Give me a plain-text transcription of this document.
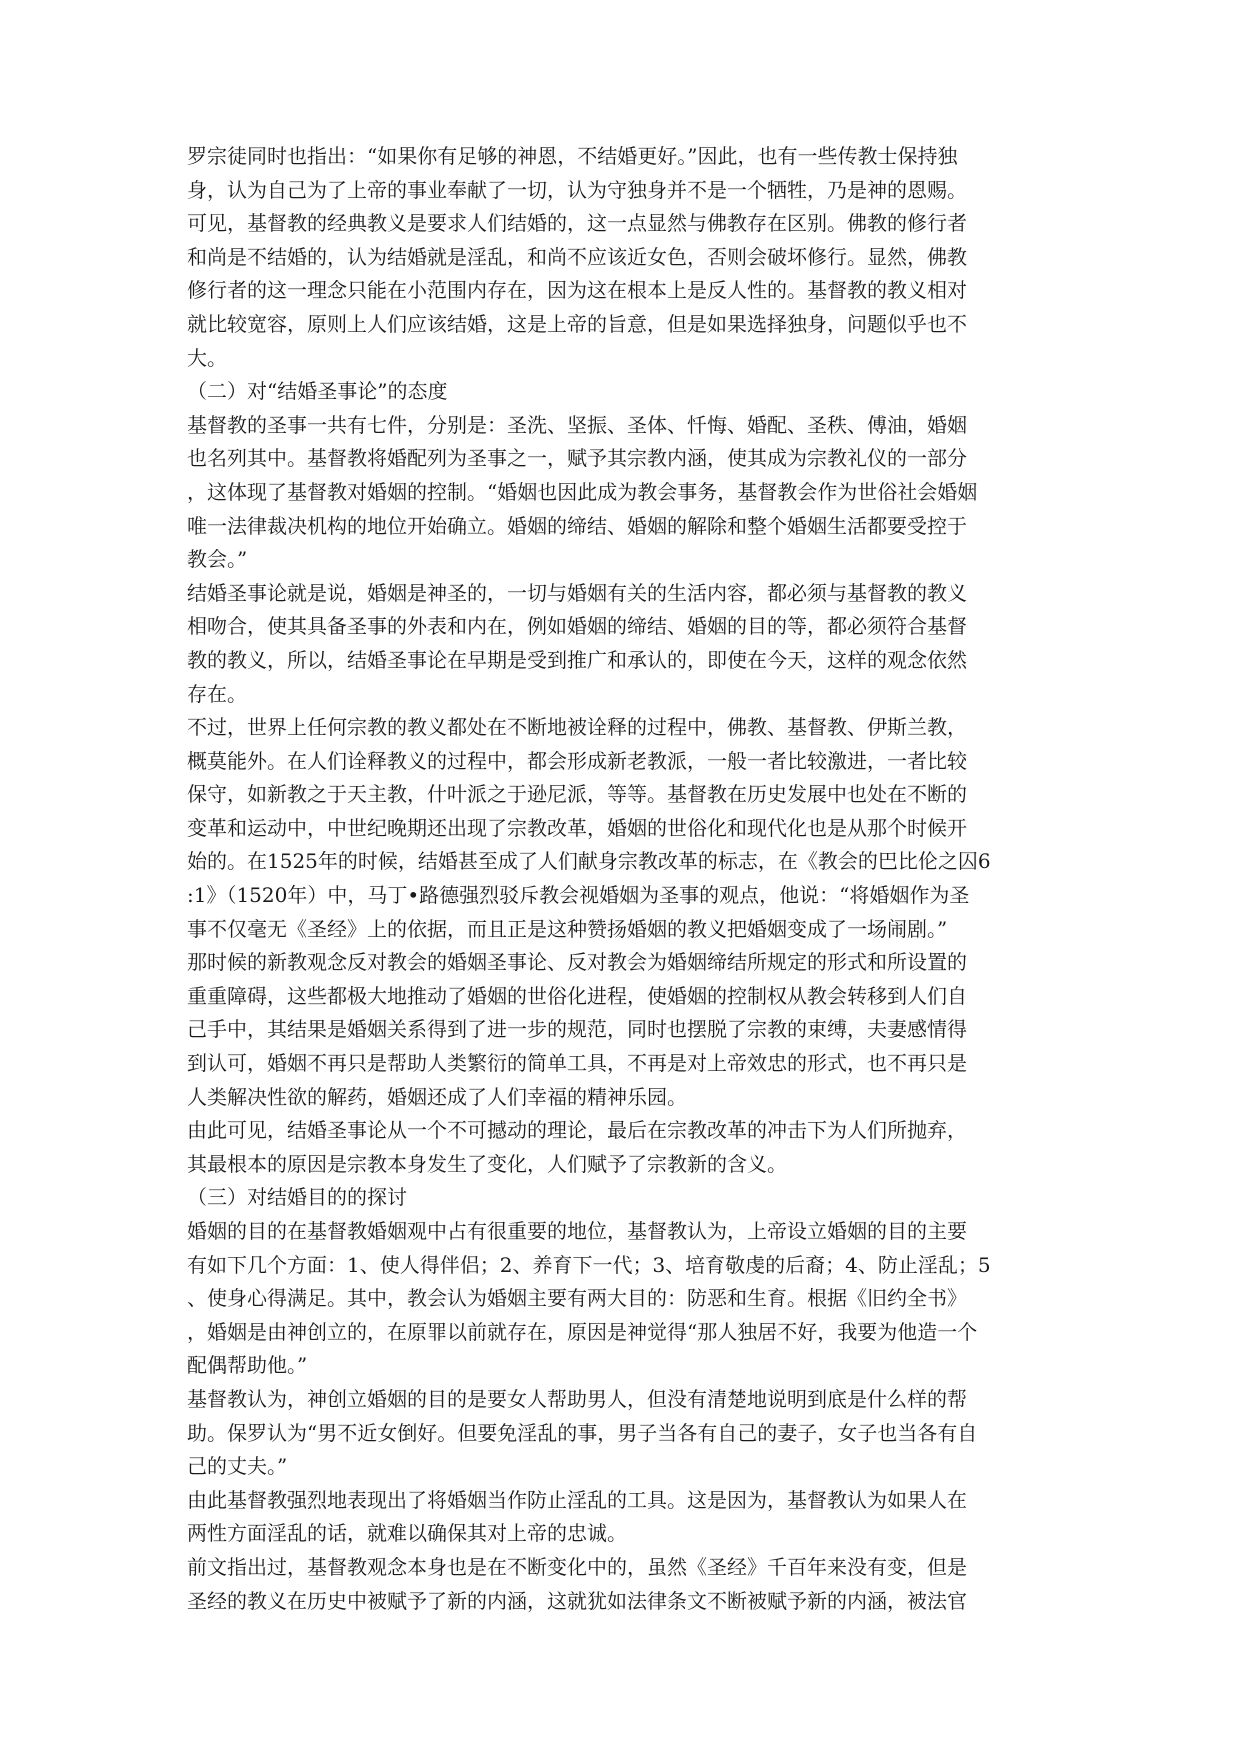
罗宗徒同时也指出：“如果你有足够的神恩，不结婚更好。”因此，也有一些传教士保持独
身，认为自己为了上帝的事业奉献了一切，认为守独身并不是一个牺牲，乃是神的恩赐。
可见，基督教的经典教义是要求人们结婚的，这一点显然与佛教存在区别。佛教的修行者
和尚是不结婚的，认为结婚就是淫乱，和尚不应该近女色，否则会破坏修行。显然，佛教
修行者的这一理念只能在小范围内存在，因为这在根本上是反人性的。基督教的教义相对
就比较宽容，原则上人们应该结婚，这是上帝的旨意，但是如果选择独身，问题似乎也不
大。
（二）对“结婚圣事论”的态度
基督教的圣事一共有七件，分别是：圣洗、坚振、圣体、忏悔、婚配、圣秩、傅油，婚姻
也名列其中。基督教将婚配列为圣事之一，赋予其宗教内涵，使其成为宗教礼仪的一部分
，这体现了基督教对婚姻的控制。“婚姻也因此成为教会事务，基督教会作为世俗社会婚姻
唯一法律裁决机构的地位开始确立。婚姻的缔结、婚姻的解除和整个婚姻生活都要受控于
教会。”
结婚圣事论就是说，婚姻是神圣的，一切与婚姻有关的生活内容，都必须与基督教的教义
相吻合，使其具备圣事的外表和内在，例如婚姻的缔结、婚姻的目的等，都必须符合基督
教的教义，所以，结婚圣事论在早期是受到推广和承认的，即使在今天，这样的观念依然
存在。
不过，世界上任何宗教的教义都处在不断地被诠释的过程中，佛教、基督教、伊斯兰教，
概莫能外。在人们诠释教义的过程中，都会形成新老教派，一般一者比较激进，一者比较
保守，如新教之于天主教，什叶派之于逊尼派，等等。基督教在历史发展中也处在不断的
变革和运动中，中世纪晚期还出现了宗教改革，婚姻的世俗化和现代化也是从那个时候开
始的。在1525年的时候，结婚甚至成了人们献身宗教改革的标志，在《教会的巴比伦之囚6
:1》（1520年）中，马丁•路德强烈驳斥教会视婚姻为圣事的观点，他说：“将婚姻作为圣
事不仅毫无《圣经》上的依据，而且正是这种赞扬婚姻的教义把婚姻变成了一场闹剧。”
那时候的新教观念反对教会的婚姻圣事论、反对教会为婚姻缔结所规定的形式和所设置的
重重障碍，这些都极大地推动了婚姻的世俗化进程，使婚姻的控制权从教会转移到人们自
己手中，其结果是婚姻关系得到了进一步的规范，同时也摆脱了宗教的束缚，夫妻感情得
到认可，婚姻不再只是帮助人类繁衍的简单工具，不再是对上帝效忠的形式，也不再只是
人类解决性欲的解药，婚姻还成了人们幸福的精神乐园。
由此可见，结婚圣事论从一个不可撼动的理论，最后在宗教改革的冲击下为人们所抛弃，
其最根本的原因是宗教本身发生了变化，人们赋予了宗教新的含义。
（三）对结婚目的的探讨
婚姻的目的在基督教婚姻观中占有很重要的地位，基督教认为，上帝设立婚姻的目的主要
有如下几个方面：1、使人得伴侣；2、养育下一代；3、培育敬虔的后裔；4、防止淫乱；5
、使身心得满足。其中，教会认为婚姻主要有两大目的：防恶和生育。根据《旧约全书》
，婚姻是由神创立的，在原罪以前就存在，原因是神觉得“那人独居不好，我要为他造一个
配偶帮助他。”
基督教认为，神创立婚姻的目的是要女人帮助男人，但没有清楚地说明到底是什么样的帮
助。保罗认为“男不近女倒好。但要免淫乱的事，男子当各有自己的妻子，女子也当各有自
己的丈夫。”
由此基督教强烈地表现出了将婚姻当作防止淫乱的工具。这是因为，基督教认为如果人在
两性方面淫乱的话，就难以确保其对上帝的忠诚。
前文指出过，基督教观念本身也是在不断变化中的，虽然《圣经》千百年来没有变，但是
圣经的教义在历史中被赋予了新的内涵，这就犹如法律条文不断被赋予新的内涵，被法官
